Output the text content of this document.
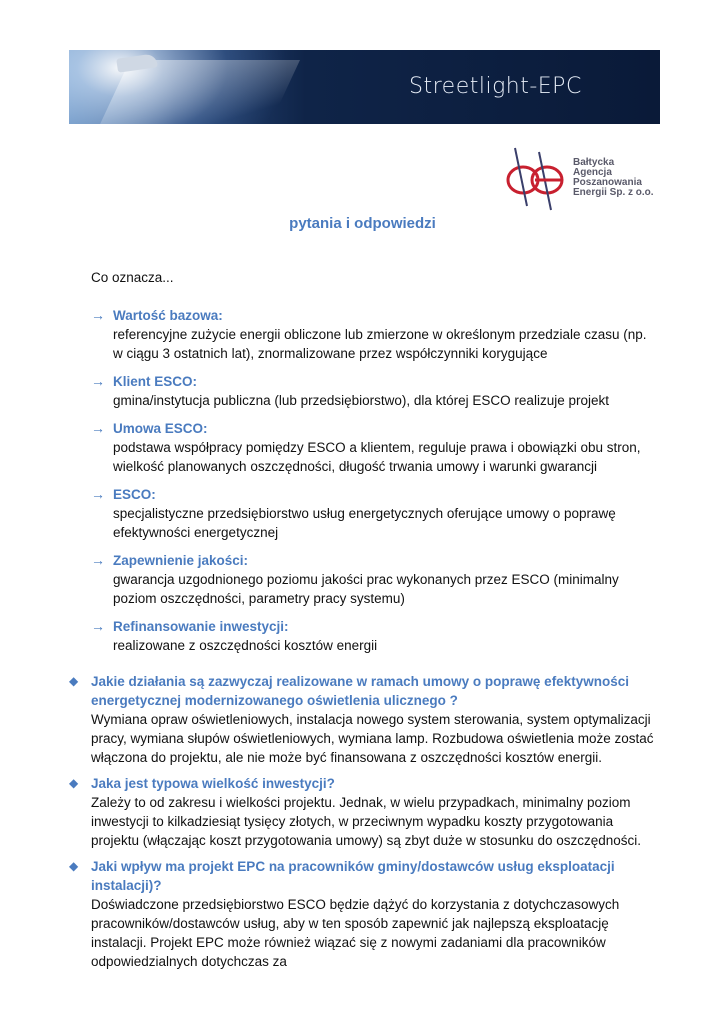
Streetlight-EPC
Bałtycka
Agencja
Poszanowania
Energii Sp. z o.o.
pytania i odpowiedzi
Co oznacza...
→ Wartość bazowa:
referencyjne zużycie energii obliczone lub zmierzone w określonym przedziale czasu (np. w ciągu 3 ostatnich lat), znormalizowane przez współczynniki korygujące
→ Klient ESCO:
gmina/instytucja publiczna (lub przedsiębiorstwo), dla której ESCO realizuje projekt
→ Umowa ESCO:
podstawa współpracy pomiędzy ESCO a klientem, reguluje prawa i obowiązki obu stron, wielkość planowanych oszczędności, długość trwania umowy i warunki gwarancji
→ ESCO:
specjalistyczne przedsiębiorstwo usług energetycznych oferujące umowy o poprawę efektywności energetycznej
→ Zapewnienie jakości:
gwarancja uzgodnionego poziomu jakości prac wykonanych przez ESCO (minimalny poziom oszczędności, parametry pracy systemu)
→ Refinansowanie inwestycji:
realizowane z oszczędności kosztów energii
◆ Jakie działania są zazwyczaj realizowane w ramach umowy o poprawę efektywności energetycznej modernizowanego oświetlenia ulicznego ?
Wymiana opraw oświetleniowych, instalacja nowego system sterowania, system optymalizacji pracy, wymiana słupów oświetleniowych, wymiana lamp. Rozbudowa oświetlenia może zostać włączona do projektu, ale nie może być finansowana z oszczędności kosztów energii.
◆ Jaka jest typowa wielkość inwestycji?
Zależy to od zakresu i wielkości projektu. Jednak, w wielu przypadkach, minimalny poziom inwestycji to kilkadziesiąt tysięcy złotych, w przeciwnym wypadku koszty przygotowania projektu (włączając koszt przygotowania umowy) są zbyt duże w stosunku do oszczędności.
◆ Jaki wpływ ma projekt EPC na pracowników gminy/dostawców usług eksploatacji instalacji)?
Doświadczone przedsiębiorstwo ESCO będzie dążyć do korzystania z dotychczasowych pracowników/dostawców usług, aby w ten sposób zapewnić jak najlepszą eksploatację instalacji. Projekt EPC może również wiązać się z nowymi zadaniami dla pracowników odpowiedzialnych dotychczas za
